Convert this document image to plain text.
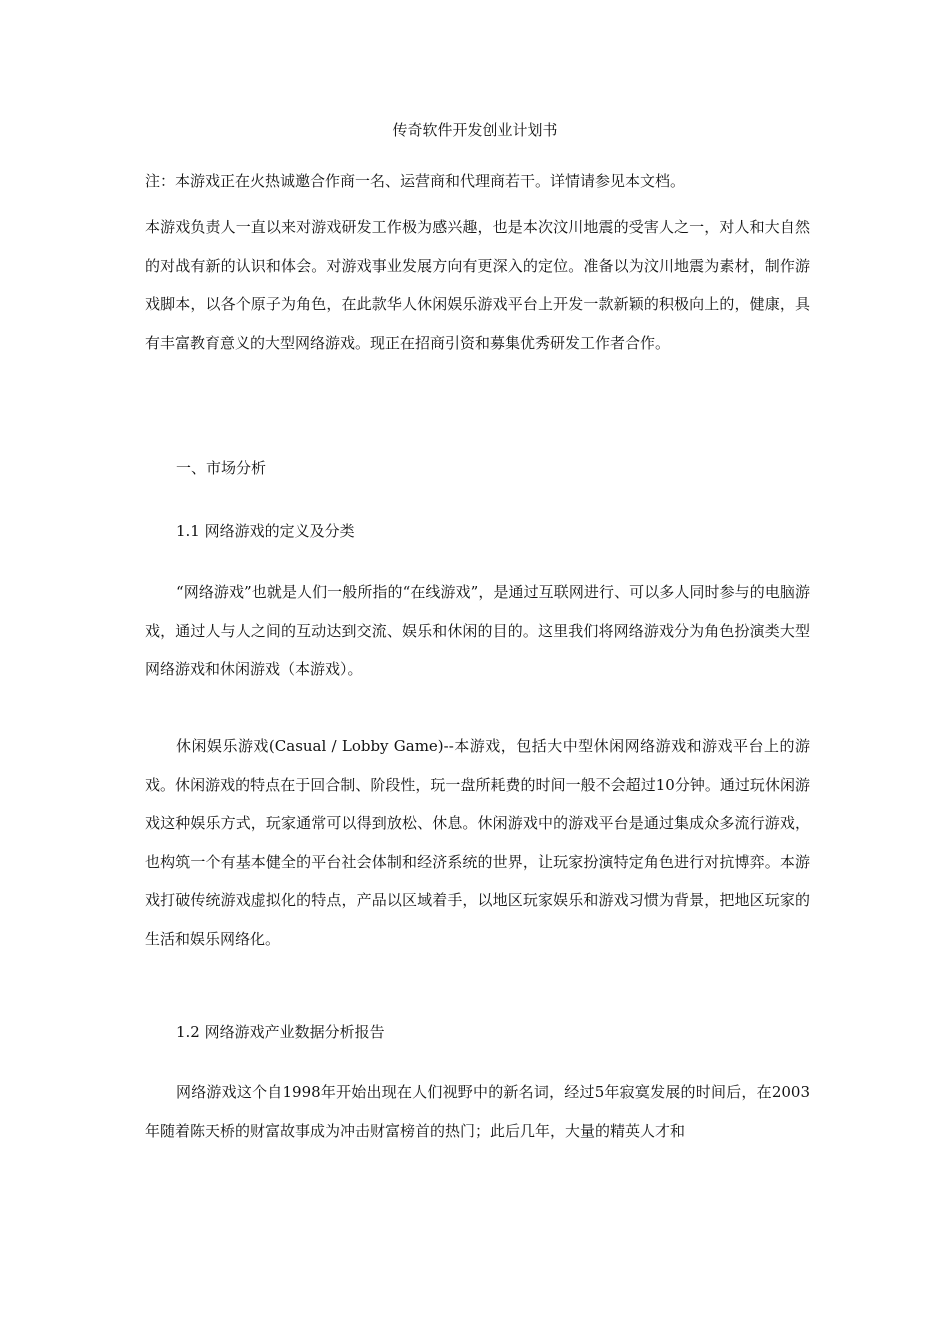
传奇软件开发创业计划书

注：本游戏正在火热诚邀合作商一名、运营商和代理商若干。详情请参见本文档。

本游戏负责人一直以来对游戏研发工作极为感兴趣，也是本次汶川地震的受害人之一，对人和大自然的对战有新的认识和体会。对游戏事业发展方向有更深入的定位。准备以为汶川地震为素材，制作游戏脚本，以各个原子为角色，在此款华人休闲娱乐游戏平台上开发一款新颖的积极向上的，健康，具有丰富教育意义的大型网络游戏。现正在招商引资和募集优秀研发工作者合作。

一、市场分析
1.1 网络游戏的定义及分类

“网络游戏”也就是人们一般所指的“在线游戏”，是通过互联网进行、可以多人同时参与的电脑游戏，通过人与人之间的互动达到交流、娱乐和休闲的目的。这里我们将网络游戏分为角色扮演类大型网络游戏和休闲游戏（本游戏）。

休闲娱乐游戏(Casual / Lobby Game)--本游戏，包括大中型休闲网络游戏和游戏平台上的游戏。休闲游戏的特点在于回合制、阶段性，玩一盘所耗费的时间一般不会超过10分钟。通过玩休闲游戏这种娱乐方式，玩家通常可以得到放松、休息。休闲游戏中的游戏平台是通过集成众多流行游戏，也构筑一个有基本健全的平台社会体制和经济系统的世界，让玩家扮演特定角色进行对抗博弈。本游戏打破传统游戏虚拟化的特点，产品以区域着手，以地区玩家娱乐和游戏习惯为背景，把地区玩家的生活和娱乐网络化。

1.2 网络游戏产业数据分析报告

网络游戏这个自1998年开始出现在人们视野中的新名词，经过5年寂寞发展的时间后，在2003年随着陈天桥的财富故事成为冲击财富榜首的热门；此后几年，大量的精英人才和
